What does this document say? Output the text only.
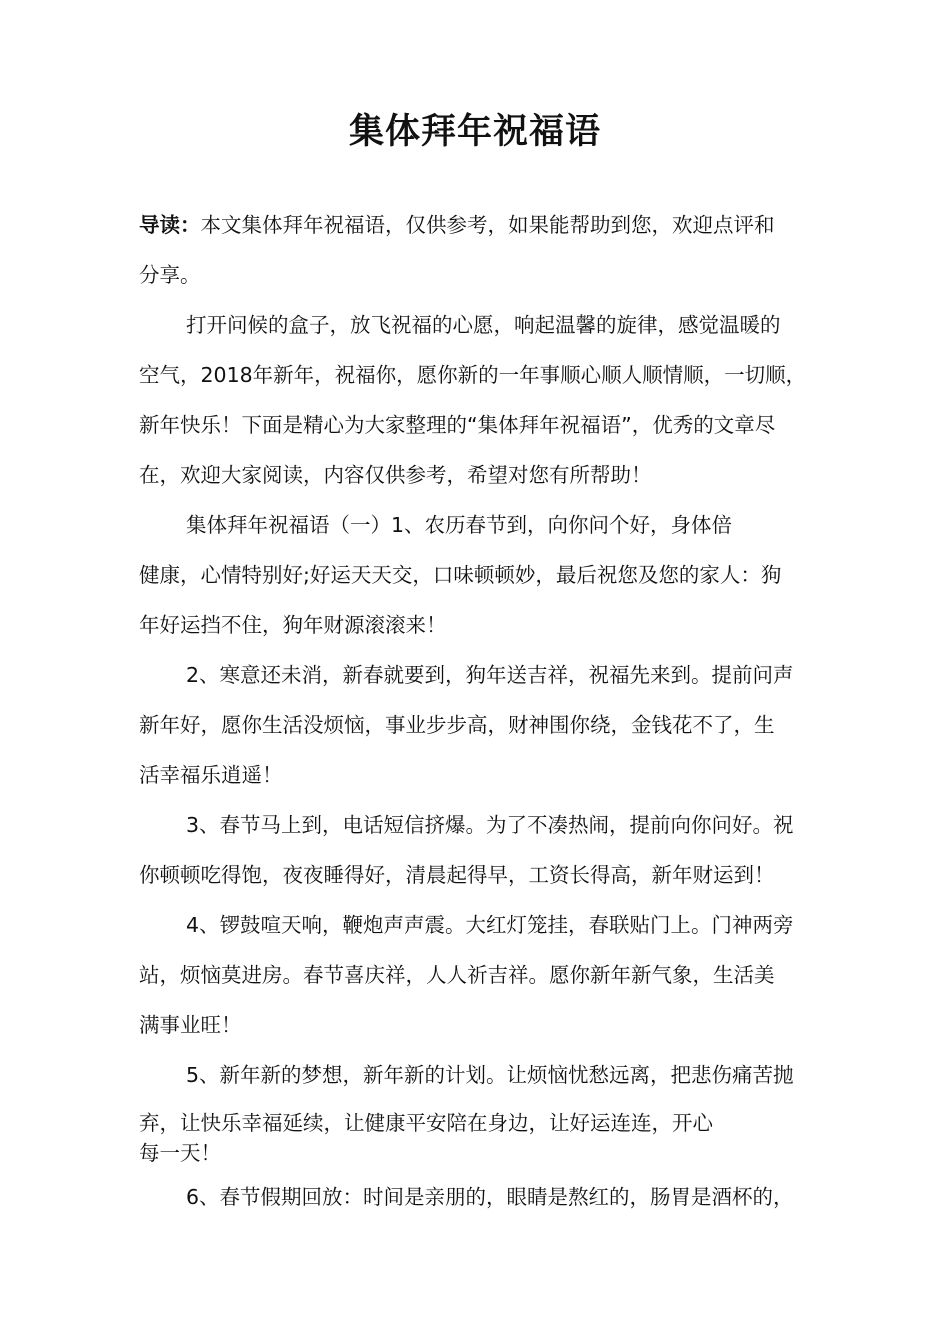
集体拜年祝福语
导读：本文集体拜年祝福语，仅供参考，如果能帮助到您，欢迎点评和
分享。
打开问候的盒子，放飞祝福的心愿，响起温馨的旋律，感觉温暖的
空气，2018年新年，祝福你，愿你新的一年事顺心顺人顺情顺，一切顺，
新年快乐！下面是精心为大家整理的“集体拜年祝福语”，优秀的文章尽
在，欢迎大家阅读，内容仅供参考，希望对您有所帮助！
集体拜年祝福语（一）1、农历春节到，向你问个好，身体倍
健康，心情特别好;好运天天交，口味顿顿妙，最后祝您及您的家人：狗
年好运挡不住，狗年财源滚滚来！
2、寒意还未消，新春就要到，狗年送吉祥，祝福先来到。提前问声
新年好，愿你生活没烦恼，事业步步高，财神围你绕，金钱花不了，生
活幸福乐逍遥！
3、春节马上到，电话短信挤爆。为了不凑热闹，提前向你问好。祝
你顿顿吃得饱，夜夜睡得好，清晨起得早，工资长得高，新年财运到！
4、锣鼓喧天响，鞭炮声声震。大红灯笼挂，春联贴门上。门神两旁
站，烦恼莫进房。春节喜庆祥，人人祈吉祥。愿你新年新气象，生活美
满事业旺！
5、新年新的梦想，新年新的计划。让烦恼忧愁远离，把悲伤痛苦抛
弃，让快乐幸福延续，让健康平安陪在身边，让好运连连，开心
每一天！
6、春节假期回放：时间是亲朋的，眼睛是熬红的，肠胃是酒杯的，
